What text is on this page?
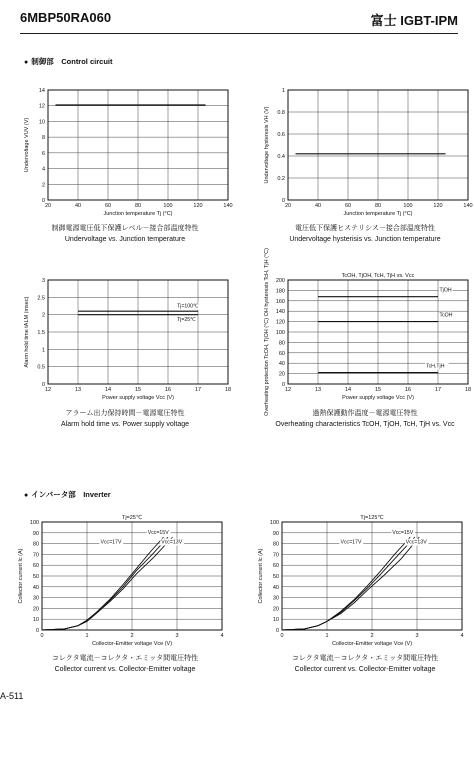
6MBP50RA060	富士 IGBT-IPM
● 制御部　Control circuit
● インバータ部　Inverter
20	40	60	80	100	120	140
0
2
4
6
8
10
12
14
Junction temperature Tj (°C)
Undervoltage VUV (V)
20	40	60	80	100	120	140
0
0.2
0.4
0.6
0.8
1
Junction temperature Tj (°C)
Undervoltage hysteresis VH (V)
12	13	14	15	16	17	18
0
0.5
1
1.5
2
2.5
3
Power supply voltage Vcc (V)
Alarm hold time tALM (msec)	Tj=100℃
Tj=25℃
12	13	14	15	16	17	18
0
20
40
60
80
100
120
140
160
180
200
Power supply voltage Vcc (V)
Overheating protection TcOH, TjOH (°C) OH hysteresis TcH, TjH (°C)	TcOH, TjOH, TcH, TjH vs. Vcc
TjOH
TcOH
TcH,TjH
0	1	2	3	4
0
10
20
30
40
50
60
70
80
90
100
Collector-Emitter voltage Vce (V)
Collector current Ic (A)
Tj=25℃
Vcc=15V
Vcc=17V	Vcc=13V
0	1	2	3	4
0
10
20
30
40
50
60
70
80
90
100
Collector-Emitter voltage Vce (V)
Collector current Ic (A)
Tj=125℃
Vcc=15V
Vcc=17V	Vcc=13V
制御電源電圧低下保護レベル－接合部温度特性
Undervoltage vs. Junction temperature
電圧低下保護ヒステリシス－接合部温度特性
Undervoltage hysterisis vs. Junction temperature
アラーム出力保持時間－電源電圧特性
Alarm hold time vs. Power supply voltage
過熱保護動作温度－電源電圧特性
Overheating characteristics TcOH, TjOH, TcH, TjH vs. Vcc
コレクタ電流－コレクタ・エミッタ間電圧特性
Collector current vs. Collector-Emitter voltage
コレクタ電流－コレクタ・エミッタ間電圧特性
Collector current vs. Collector-Emitter voltage
A-511
